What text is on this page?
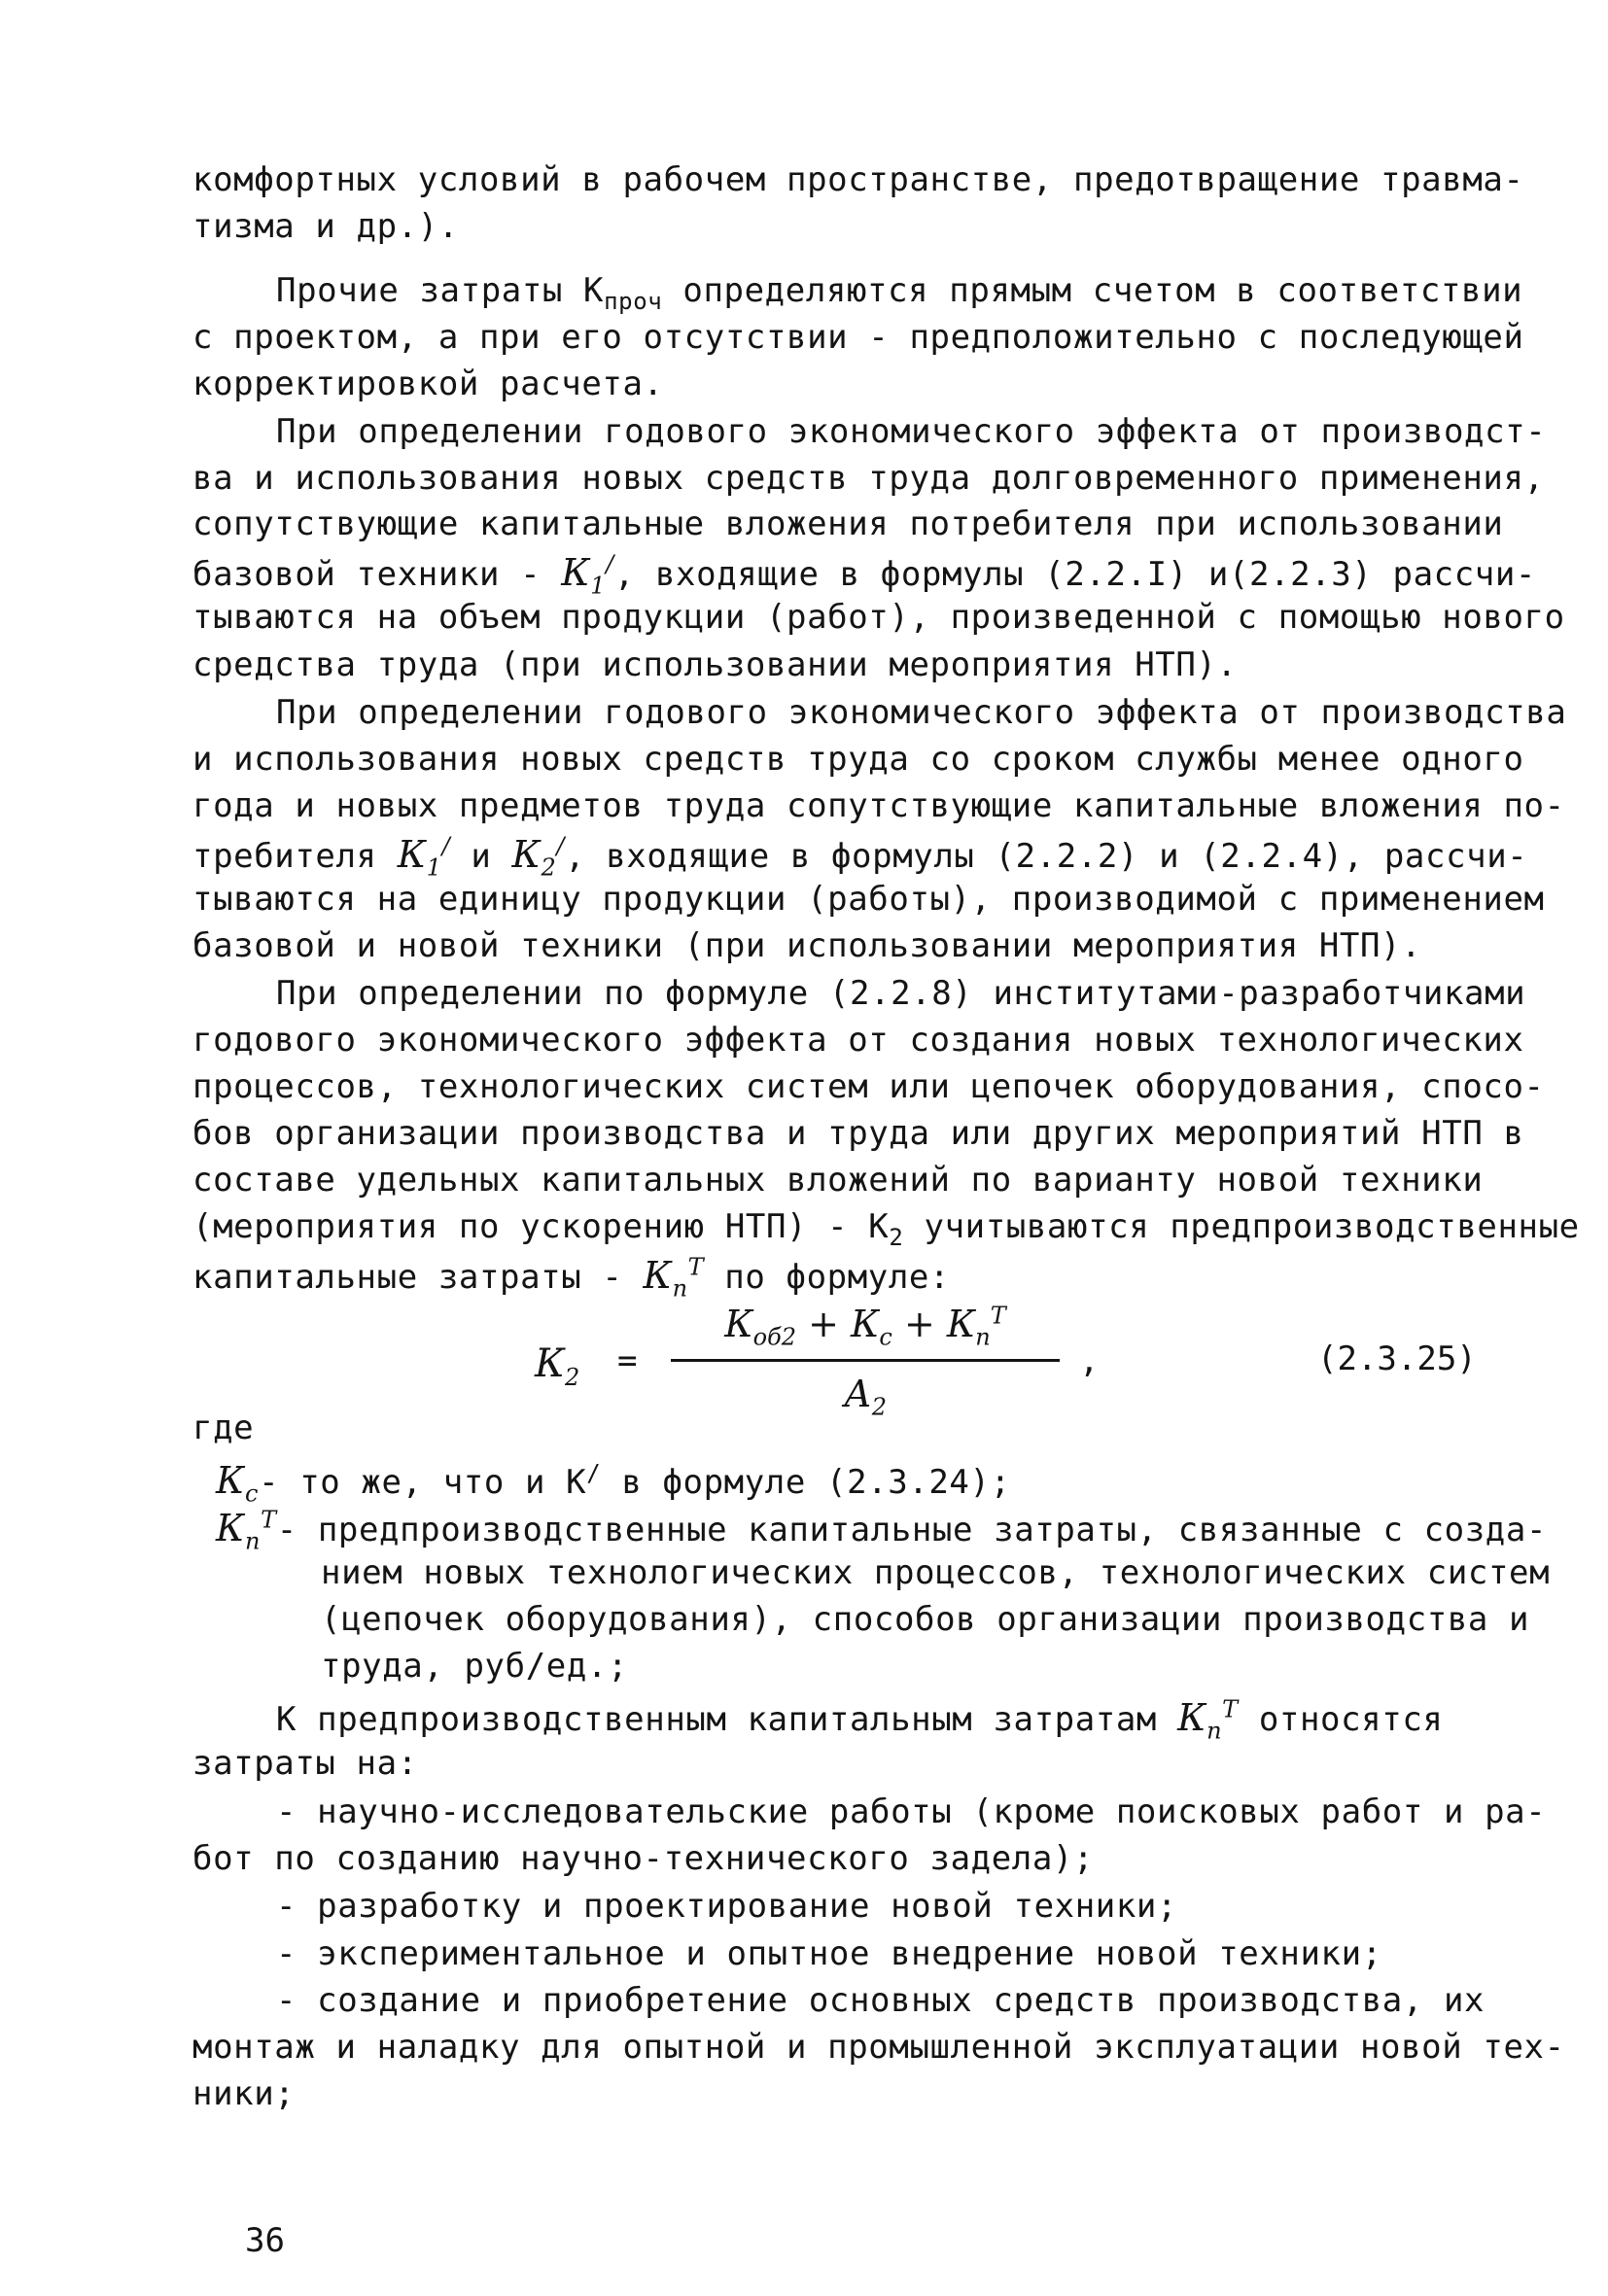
комфортных условий в рабочем пространстве, предотвращение травма-
тизма и др.).
Прочие затраты $К_{проч}$ определяются прямым счетом в соответствии
с проектом, а при его отсутствии - предположительно с последующей
корректировкой расчета.
При определении годового экономического эффекта от производст-
ва и использования новых средств труда долговременного применения,
сопутствующие капитальные вложения потребителя при использовании
базовой техники - $К_1^/$, входящие в формулы (2.2.I) и(2.2.3) рассчи-
тываются на объем продукции (работ), произведенной с помощью нового
средства труда (при использовании мероприятия НТП).
При определении годового экономического эффекта от производства
и использования новых средств труда со сроком службы менее одного
года и новых предметов труда сопутствующие капитальные вложения по-
требителя $К_1^/$ и $К_2^/$, входящие в формулы (2.2.2) и (2.2.4), рассчи-
тываются на единицу продукции (работы), производимой с применением
базовой и новой техники (при использовании мероприятия НТП).
При определении по формуле (2.2.8) институтами-разработчиками
годового экономического эффекта от создания новых технологических
процессов, технологических систем или цепочек оборудования, спосо-
бов организации производства и труда или других мероприятий НТП в
составе удельных капитальных вложений по варианту новой техники
(мероприятия по ускорению $НТП) - К_2$ учитываются предпроизводственные
капитальные затраты - $К_п^Т$ по формуле:
$К_2$ =
$К_{об2} + К_с + К_п^Т$
$А_2$
,	(2.3.25)
где
$К_с-$ то же, что и К/ в формуле (2.3.24);
$К_п^Т-$ предпроизводственные капитальные затраты, связанные с созда-
нием новых технологических процессов, технологических систем
(цепочек оборудования), способов организации производства и
труда, руб/ед.;
К предпроизводственным капитальным затратам $К_п^Т$ относятся
затраты на:
- научно-исследовательские работы (кроме поисковых работ и ра-
бот по созданию научно-технического задела);
- разработку и проектирование новой техники;
- экспериментальное и опытное внедрение новой техники;
- создание и приобретение основных средств производства, их
монтаж и наладку для опытной и промышленной эксплуатации новой тех-
ники;
36
